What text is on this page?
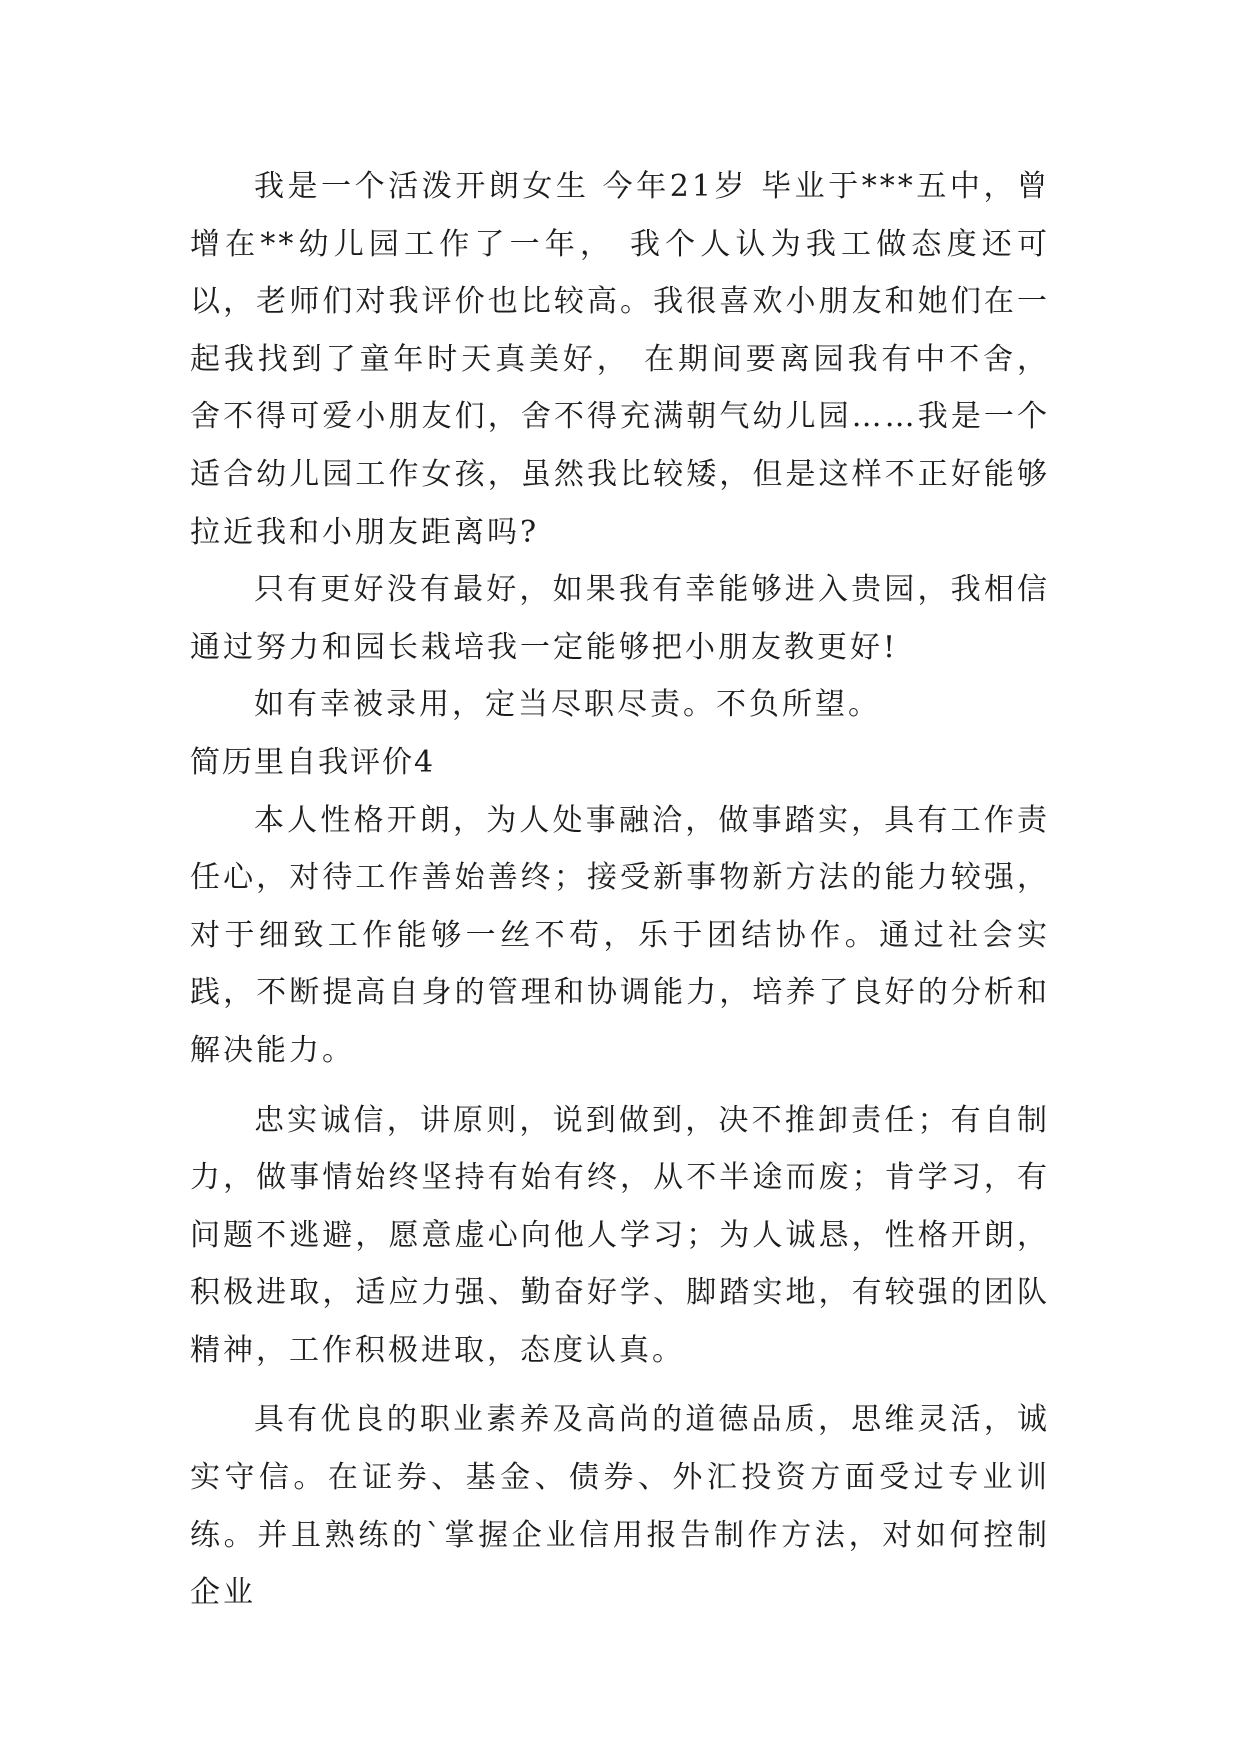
我是一个活泼开朗女生 今年21岁 毕业于***五中，曾增在**幼儿园工作了一年， 我个人认为我工做态度还可以，老师们对我评价也比较高。我很喜欢小朋友和她们在一起我找到了童年时天真美好， 在期间要离园我有中不舍，舍不得可爱小朋友们，舍不得充满朝气幼儿园……我是一个适合幼儿园工作女孩，虽然我比较矮，但是这样不正好能够拉近我和小朋友距离吗?

只有更好没有最好，如果我有幸能够进入贵园，我相信通过努力和园长栽培我一定能够把小朋友教更好!

如有幸被录用，定当尽职尽责。不负所望。

简历里自我评价4

本人性格开朗，为人处事融洽，做事踏实，具有工作责任心，对待工作善始善终；接受新事物新方法的能力较强，对于细致工作能够一丝不苟，乐于团结协作。通过社会实践，不断提高自身的管理和协调能力，培养了良好的分析和解决能力。

忠实诚信，讲原则，说到做到，决不推卸责任；有自制力，做事情始终坚持有始有终，从不半途而废；肯学习，有问题不逃避，愿意虚心向他人学习；为人诚恳，性格开朗，积极进取，适应力强、勤奋好学、脚踏实地，有较强的团队精神，工作积极进取，态度认真。

具有优良的职业素养及高尚的道德品质，思维灵活，诚实守信。在证券、基金、债券、外汇投资方面受过专业训练。并且熟练的`掌握企业信用报告制作方法，对如何控制企业
